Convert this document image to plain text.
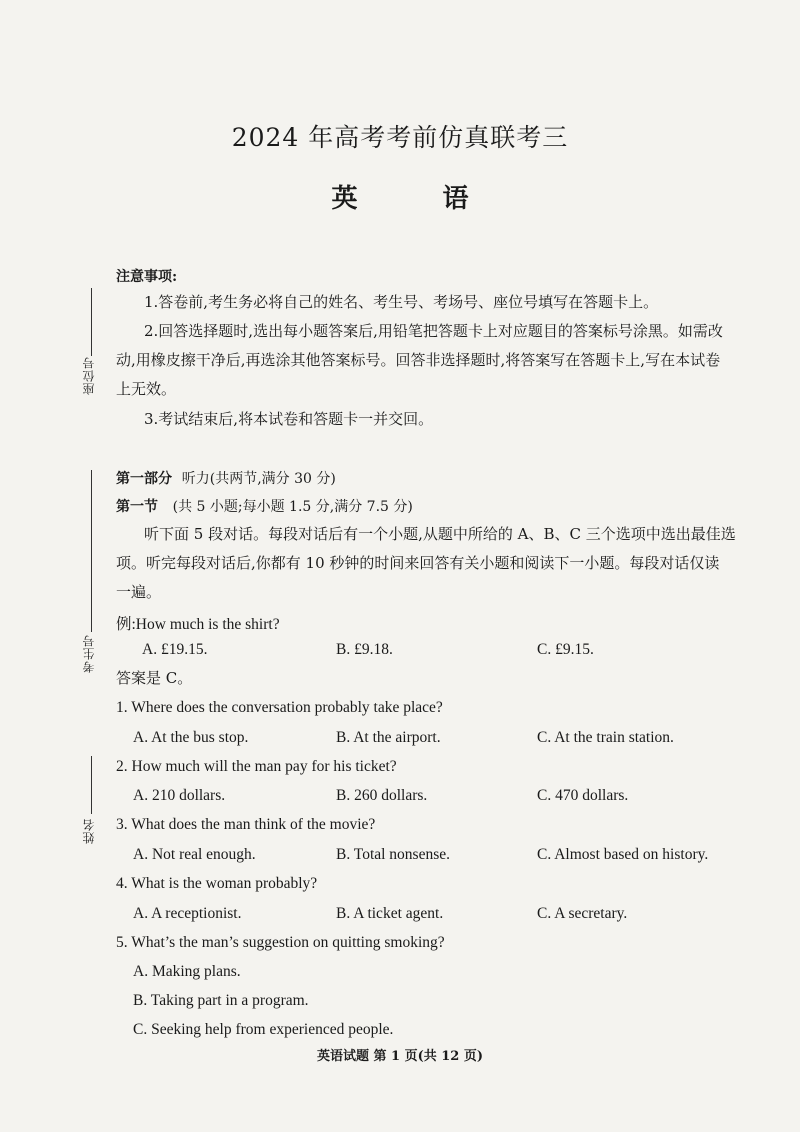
2024 年高考考前仿真联考三
英 语
座位号
考生号
姓名
注意事项:
1.答卷前,考生务必将自己的姓名、考生号、考场号、座位号填写在答题卡上。
2.回答选择题时,选出每小题答案后,用铅笔把答题卡上对应题目的答案标号涂黑。如需改
动,用橡皮擦干净后,再选涂其他答案标号。回答非选择题时,将答案写在答题卡上,写在本试卷
上无效。
3.考试结束后,将本试卷和答题卡一并交回。
第一部分 听力(共两节,满分 30 分)
第一节 (共 5 小题;每小题 1.5 分,满分 7.5 分)
听下面 5 段对话。每段对话后有一个小题,从题中所给的 A、B、C 三个选项中选出最佳选
项。听完每段对话后,你都有 10 秒钟的时间来回答有关小题和阅读下一小题。每段对话仅读
一遍。
例:How much is the shirt?
A. £19.15.	B. £9.18.	C. £9.15.
答案是 C。
1. Where does the conversation probably take place?
A. At the bus stop.	B. At the airport.	C. At the train station.
2. How much will the man pay for his ticket?
A. 210 dollars.	B. 260 dollars.	C. 470 dollars.
3. What does the man think of the movie?
A. Not real enough.	B. Total nonsense.	C. Almost based on history.
4. What is the woman probably?
A. A receptionist.	B. A ticket agent.	C. A secretary.
5. What’s the man’s suggestion on quitting smoking?
A. Making plans.
B. Taking part in a program.
C. Seeking help from experienced people.
英语试题 第 1 页(共 12 页)
